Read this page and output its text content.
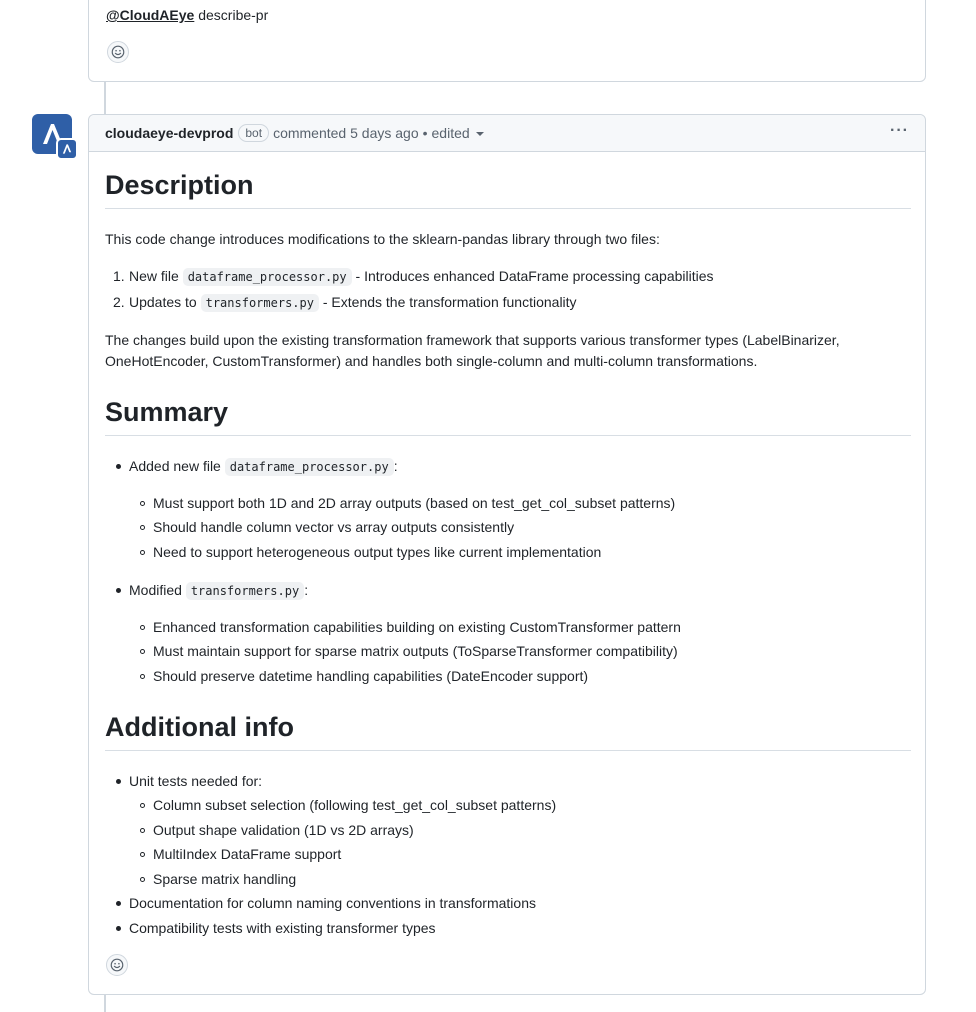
@CloudAEye describe-pr
cloudaeye-devprod	bot commented
5 days ago • edited	···
Description

This code change introduces modifications to the sklearn-pandas library through two files:

1. New file dataframe_processor.py - Introduces enhanced DataFrame processing capabilities
2. Updates to transformers.py - Extends the transformation functionality

The changes build upon the existing transformation framework that supports various transformer types (LabelBinarizer,
OneHotEncoder, CustomTransformer) and handles both single-column and multi-column transformations.

Summary
Added new file dataframe_processor.py :
Must support both 1D and 2D array outputs (based on test_get_col_subset patterns)
Should handle column vector vs array outputs consistently
Need to support heterogeneous output types like current implementation
Modified transformers.py :
Enhanced transformation capabilities building on existing CustomTransformer pattern
Must maintain support for sparse matrix outputs (ToSparseTransformer compatibility)
Should preserve datetime handling capabilities (DateEncoder support)
Additional info
Unit tests needed for:
Column subset selection (following test_get_col_subset patterns)
Output shape validation (1D vs 2D arrays)
MultiIndex DataFrame support
Sparse matrix handling
Documentation for column naming conventions in transformations
Compatibility tests with existing transformer types
